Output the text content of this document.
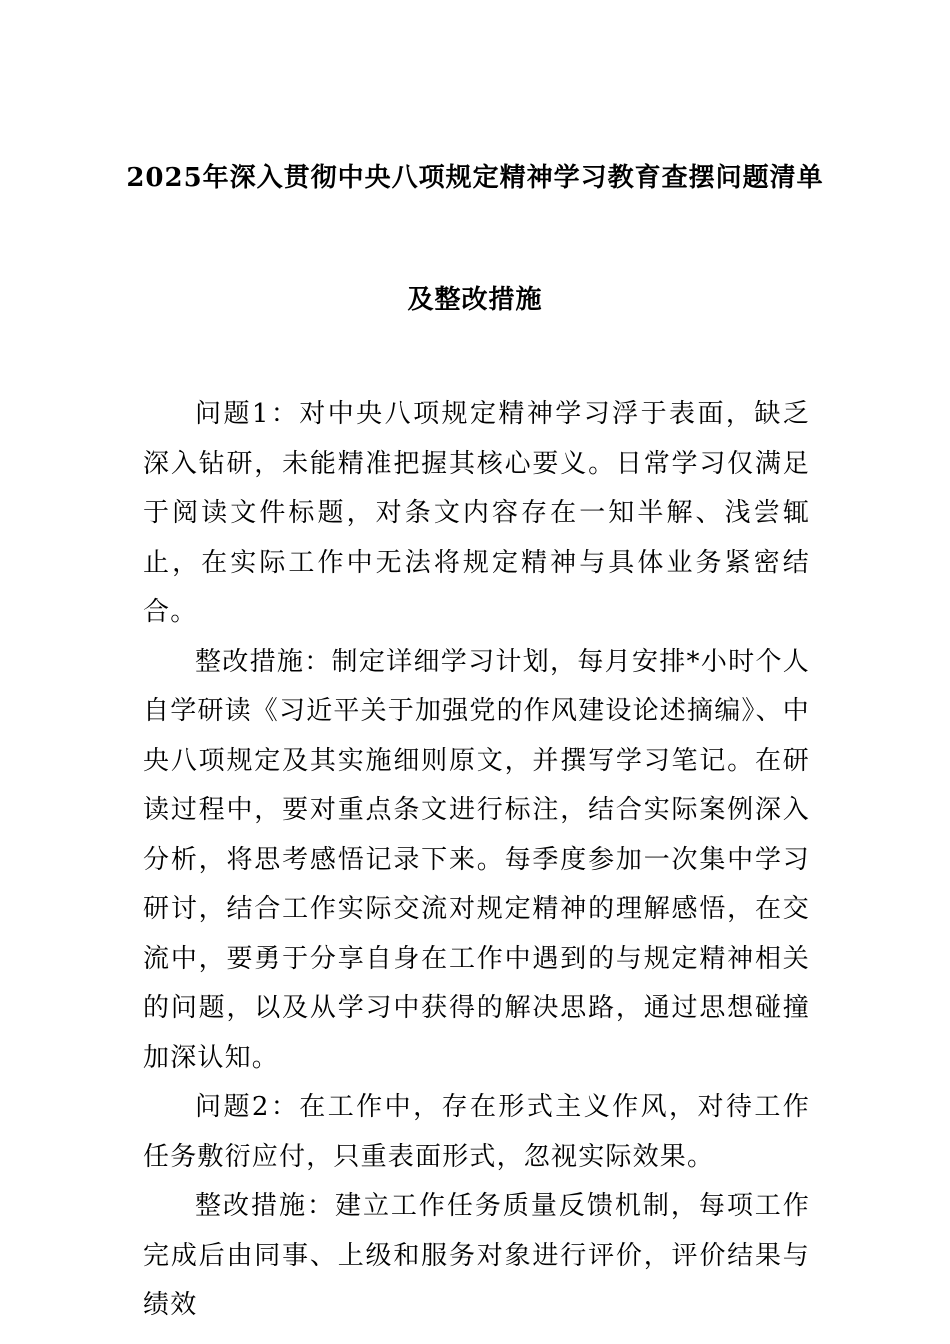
2025年深入贯彻中央八项规定精神学习教育查摆问题清单
及整改措施

问题1：对中央八项规定精神学习浮于表面，缺乏深入钻研，未能精准把握其核心要义。日常学习仅满足于阅读文件标题，对条文内容存在一知半解、浅尝辄止，在实际工作中无法将规定精神与具体业务紧密结合。

整改措施：制定详细学习计划，每月安排*小时个人自学研读《习近平关于加强党的作风建设论述摘编》、中央八项规定及其实施细则原文，并撰写学习笔记。在研读过程中，要对重点条文进行标注，结合实际案例深入分析，将思考感悟记录下来。每季度参加一次集中学习研讨，结合工作实际交流对规定精神的理解感悟，在交流中，要勇于分享自身在工作中遇到的与规定精神相关的问题，以及从学习中获得的解决思路，通过思想碰撞加深认知。

问题2：在工作中，存在形式主义作风，对待工作任务敷衍应付，只重表面形式，忽视实际效果。

整改措施：建立工作任务质量反馈机制，每项工作完成后由同事、上级和服务对象进行评价，评价结果与绩效
